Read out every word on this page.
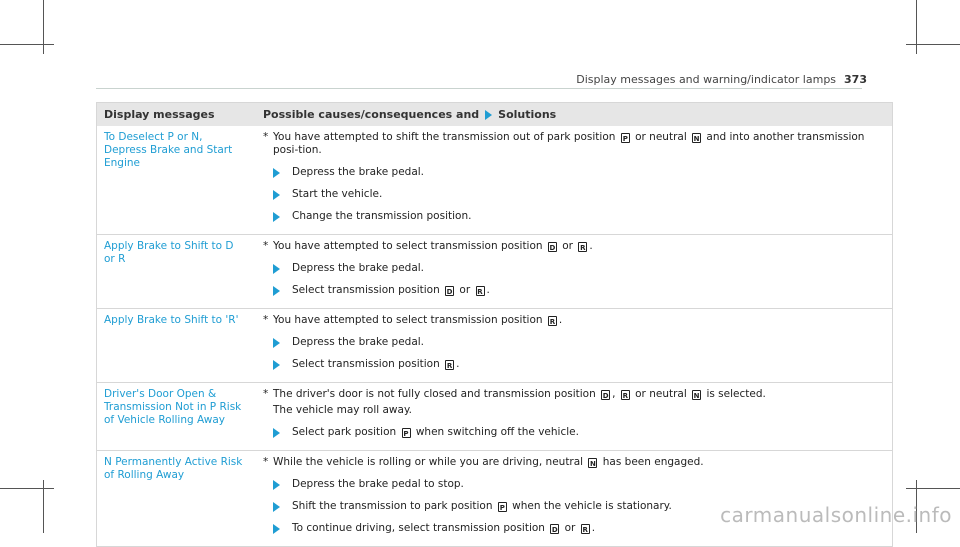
Display messages and warning/indicator lamps 373
Display messages	Possible causes/consequences and Solutions
To Deselect P or N, Depress Brake and Start Engine
* You have attempted to shift the transmission out of park position P or neutral N and into another transmission posi-tion.
Depress the brake pedal.
Start the vehicle.
Change the transmission position.
Apply Brake to Shift to D or R
* You have attempted to select transmission position D or R .
Depress the brake pedal.
Select transmission position D or R .
Apply Brake to Shift to 'R'	* You have attempted to select transmission position R .
Depress the brake pedal.
Select transmission position R .
Driver's Door Open & Transmission Not in P Risk of Vehicle Rolling Away
* The driver's door is not fully closed and transmission position D , R or neutral N is selected.
The vehicle may roll away.
Select park position P when switching off the vehicle.
N Permanently Active Risk of Rolling Away
* While the vehicle is rolling or while you are driving, neutral N has been engaged.
Depress the brake pedal to stop.
Shift the transmission to park position P when the vehicle is stationary.
To continue driving, select transmission position D or R .
carmanualsonline.info
